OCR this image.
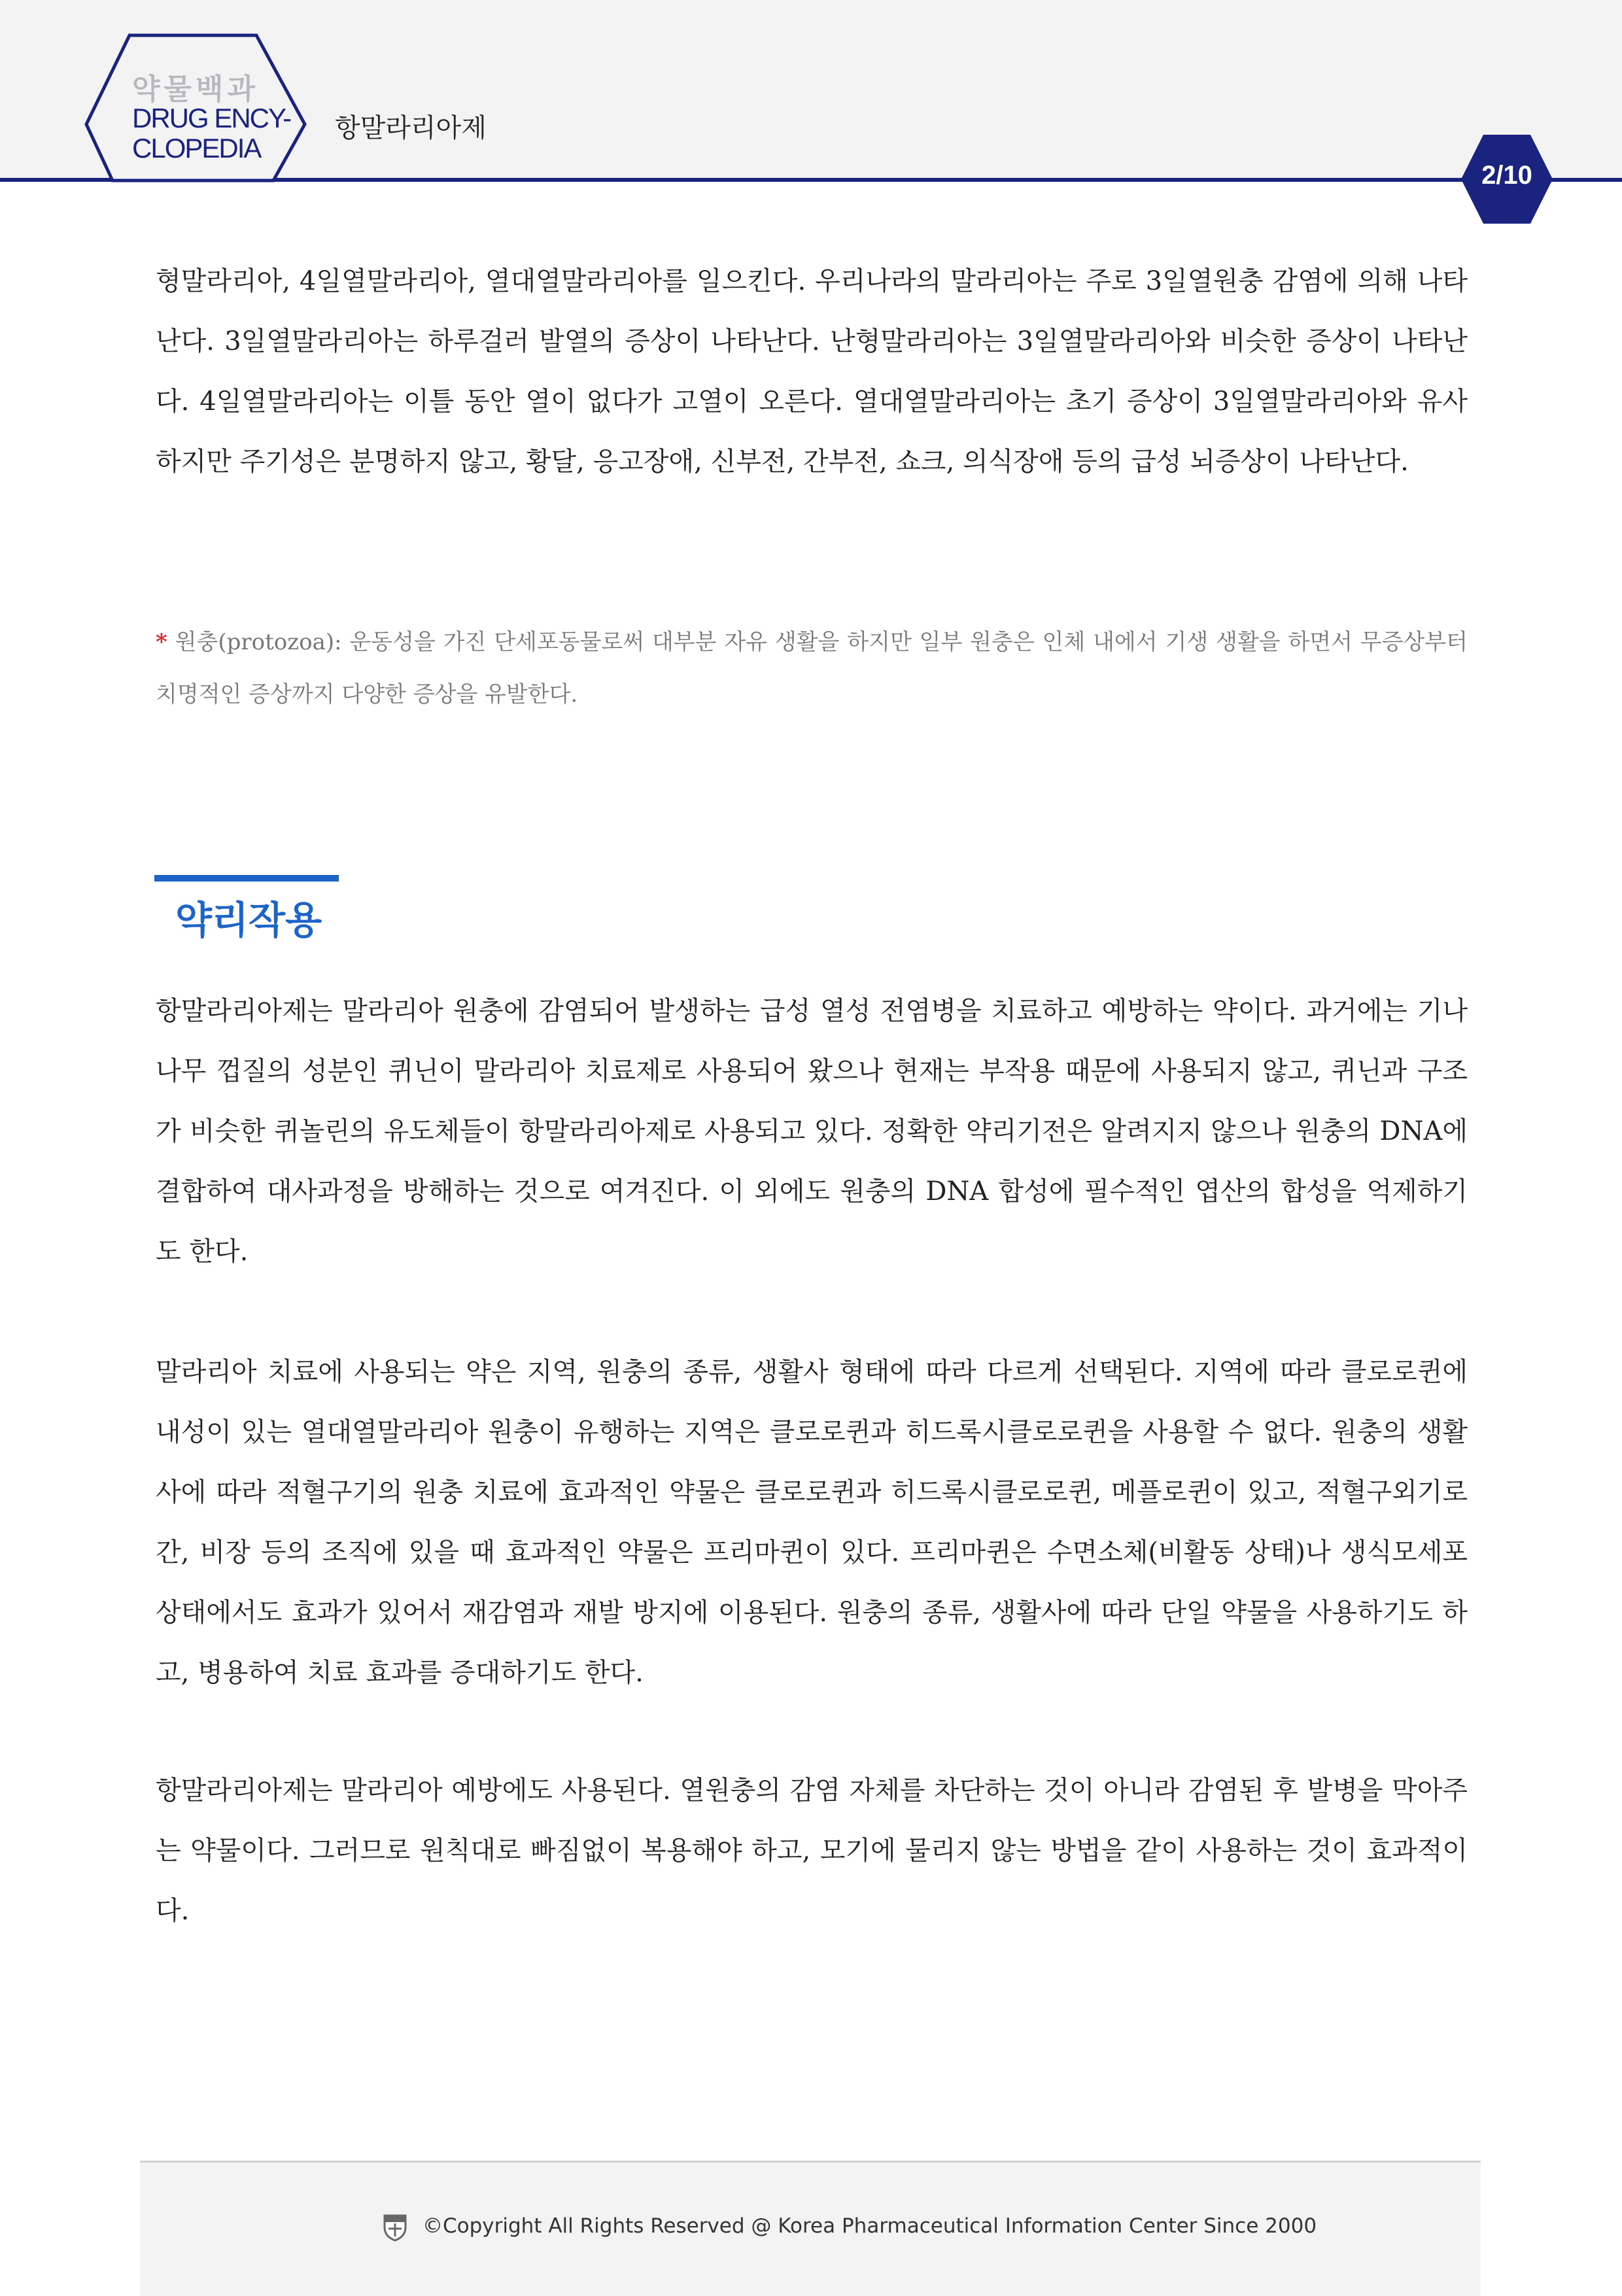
약물백과
DRUG ENCY-
CLOPEDIA
항말라리아제
2/10

형말라리아, 4일열말라리아, 열대열말라리아를 일으킨다. 우리나라의 말라리아는 주로 3일열원충 감염에 의해 나타난다. 3일열말라리아는 하루걸러 발열의 증상이 나타난다. 난형말라리아는 3일열말라리아와 비슷한 증상이 나타난다. 4일열말라리아는 이틀 동안 열이 없다가 고열이 오른다. 열대열말라리아는 초기 증상이 3일열말라리아와 유사하지만 주기성은 분명하지 않고, 황달, 응고장애, 신부전, 간부전, 쇼크, 의식장애 등의 급성 뇌증상이 나타난다.

* 원충(protozoa): 운동성을 가진 단세포동물로써 대부분 자유 생활을 하지만 일부 원충은 인체 내에서 기생 생활을 하면서 무증상부터 치명적인 증상까지 다양한 증상을 유발한다.

약리작용

항말라리아제는 말라리아 원충에 감염되어 발생하는 급성 열성 전염병을 치료하고 예방하는 약이다. 과거에는 기나나무 껍질의 성분인 퀴닌이 말라리아 치료제로 사용되어 왔으나 현재는 부작용 때문에 사용되지 않고, 퀴닌과 구조가 비슷한 퀴놀린의 유도체들이 항말라리아제로 사용되고 있다. 정확한 약리기전은 알려지지 않으나 원충의 DNA에 결합하여 대사과정을 방해하는 것으로 여겨진다. 이 외에도 원충의 DNA 합성에 필수적인 엽산의 합성을 억제하기도 한다.

말라리아 치료에 사용되는 약은 지역, 원충의 종류, 생활사 형태에 따라 다르게 선택된다. 지역에 따라 클로로퀸에 내성이 있는 열대열말라리아 원충이 유행하는 지역은 클로로퀸과 히드록시클로로퀸을 사용할 수 없다. 원충의 생활사에 따라 적혈구기의 원충 치료에 효과적인 약물은 클로로퀸과 히드록시클로로퀸, 메플로퀸이 있고, 적혈구외기로 간, 비장 등의 조직에 있을 때 효과적인 약물은 프리마퀸이 있다. 프리마퀸은 수면소체(비활동 상태)나 생식모세포 상태에서도 효과가 있어서 재감염과 재발 방지에 이용된다. 원충의 종류, 생활사에 따라 단일 약물을 사용하기도 하고, 병용하여 치료 효과를 증대하기도 한다.

항말라리아제는 말라리아 예방에도 사용된다. 열원충의 감염 자체를 차단하는 것이 아니라 감염된 후 발병을 막아주는 약물이다. 그러므로 원칙대로 빠짐없이 복용해야 하고, 모기에 물리지 않는 방법을 같이 사용하는 것이 효과적이다.

©Copyright All Rights Reserved @ Korea Pharmaceutical Information Center Since 2000
